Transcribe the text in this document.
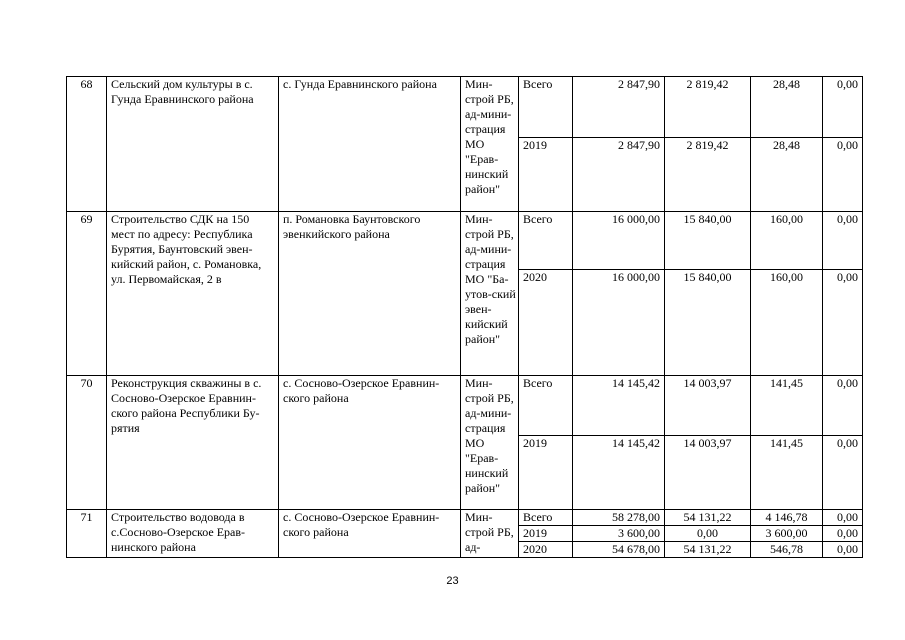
68	Сельский дом культуры в с. Гунда Еравнинского района	с. Гунда Еравнинского района	Мин-строй РБ, ад-мини-страция МО "Ерав-нинский район"	Всего	2 847,90	2 819,42	28,48	0,00
				2019	2 847,90	2 819,42	28,48	0,00
69	Строительство СДК на 150 мест по адресу: Республика Бурятия, Баунтовский эвен-кийский район, с. Романовка, ул. Первомайская, 2 в	п. Романовка Баунтовского эвенкийского района	Мин-строй РБ, ад-мини-страция МО "Ба-утов-ский эвен-кийский район"	Всего	16 000,00	15 840,00	160,00	0,00
				2020	16 000,00	15 840,00	160,00	0,00
70	Реконструкция скважины в с. Сосново-Озерское Еравнин-ского района Республики Бу-рятия	с. Сосново-Озерское Еравнин-ского района	Мин-строй РБ, ад-мини-страция МО "Ерав-нинский район"	Всего	14 145,42	14 003,97	141,45	0,00
				2019	14 145,42	14 003,97	141,45	0,00
71	Строительство водовода в с.Сосново-Озерское Ерав-нинского района	с. Сосново-Озерское Еравнин-ского района	Мин-строй РБ, ад-	Всего	58 278,00	54 131,22	4 146,78	0,00
				2019	3 600,00	0,00	3 600,00	0,00
				2020	54 678,00	54 131,22	546,78	0,00
23
